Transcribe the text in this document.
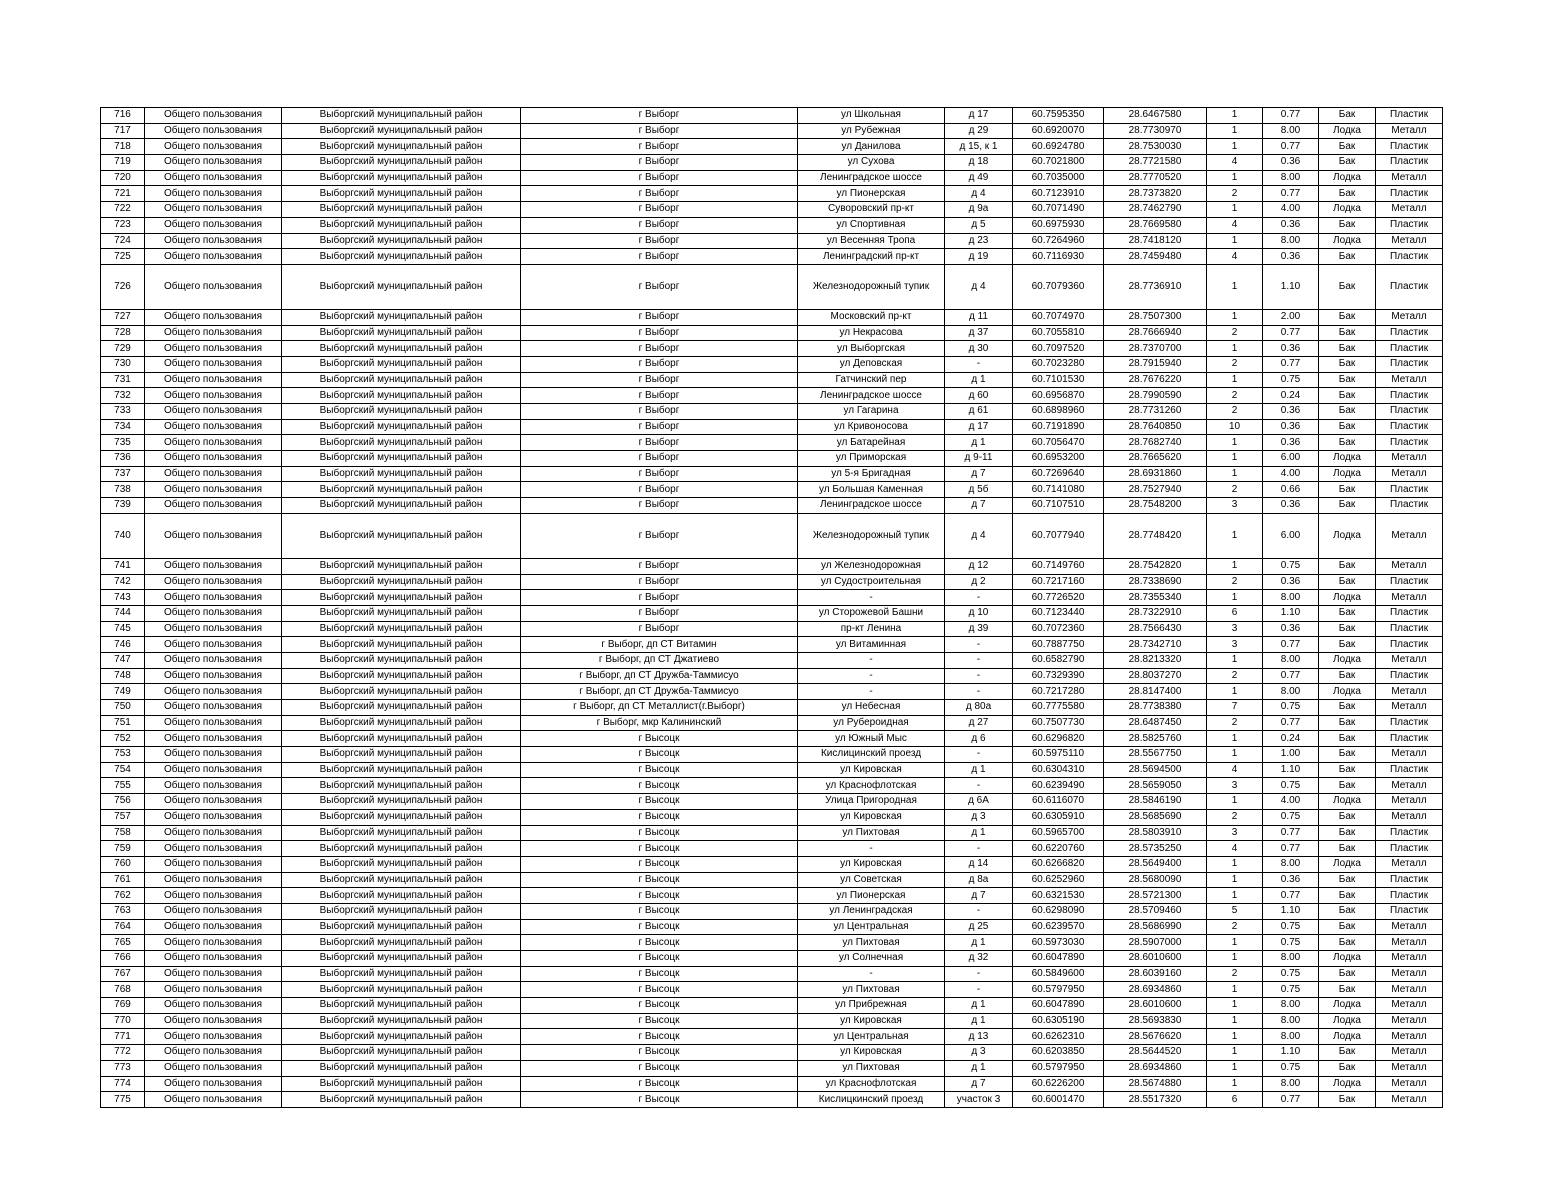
716	Общего пользования	Выборгский муниципальный район	г Выборг	ул Школьная	д 17	60.7595350	28.6467580	1	0.77	Бак	Пластик
717	Общего пользования	Выборгский муниципальный район	г Выборг	ул Рубежная	д 29	60.6920070	28.7730970	1	8.00	Лодка	Металл
718	Общего пользования	Выборгский муниципальный район	г Выборг	ул Данилова	д 15, к 1	60.6924780	28.7530030	1	0.77	Бак	Пластик
719	Общего пользования	Выборгский муниципальный район	г Выборг	ул Сухова	д 18	60.7021800	28.7721580	4	0.36	Бак	Пластик
720	Общего пользования	Выборгский муниципальный район	г Выборг	Ленинградское шоссе	д 49	60.7035000	28.7770520	1	8.00	Лодка	Металл
721	Общего пользования	Выборгский муниципальный район	г Выборг	ул Пионерская	д 4	60.7123910	28.7373820	2	0.77	Бак	Пластик
722	Общего пользования	Выборгский муниципальный район	г Выборг	Суворовский пр-кт	д 9а	60.7071490	28.7462790	1	4.00	Лодка	Металл
723	Общего пользования	Выборгский муниципальный район	г Выборг	ул Спортивная	д 5	60.6975930	28.7669580	4	0.36	Бак	Пластик
724	Общего пользования	Выборгский муниципальный район	г Выборг	ул Весенняя Тропа	д 23	60.7264960	28.7418120	1	8.00	Лодка	Металл
725	Общего пользования	Выборгский муниципальный район	г Выборг	Ленинградский пр-кт	д 19	60.7116930	28.7459480	4	0.36	Бак	Пластик
726	Общего пользования	Выборгский муниципальный район	г Выборг	Железнодорожный тупик	д 4	60.7079360	28.7736910	1	1.10	Бак	Пластик
727	Общего пользования	Выборгский муниципальный район	г Выборг	Московский пр-кт	д 11	60.7074970	28.7507300	1	2.00	Бак	Металл
728	Общего пользования	Выборгский муниципальный район	г Выборг	ул Некрасова	д 37	60.7055810	28.7666940	2	0.77	Бак	Пластик
729	Общего пользования	Выборгский муниципальный район	г Выборг	ул Выборгская	д 30	60.7097520	28.7370700	1	0.36	Бак	Пластик
730	Общего пользования	Выборгский муниципальный район	г Выборг	ул Деповская	-	60.7023280	28.7915940	2	0.77	Бак	Пластик
731	Общего пользования	Выборгский муниципальный район	г Выборг	Гатчинский пер	д 1	60.7101530	28.7676220	1	0.75	Бак	Металл
732	Общего пользования	Выборгский муниципальный район	г Выборг	Ленинградское шоссе	д 60	60.6956870	28.7990590	2	0.24	Бак	Пластик
733	Общего пользования	Выборгский муниципальный район	г Выборг	ул Гагарина	д 61	60.6898960	28.7731260	2	0.36	Бак	Пластик
734	Общего пользования	Выборгский муниципальный район	г Выборг	ул Кривоносова	д 17	60.7191890	28.7640850	10	0.36	Бак	Пластик
735	Общего пользования	Выборгский муниципальный район	г Выборг	ул Батарейная	д 1	60.7056470	28.7682740	1	0.36	Бак	Пластик
736	Общего пользования	Выборгский муниципальный район	г Выборг	ул Приморская	д 9-11	60.6953200	28.7665620	1	6.00	Лодка	Металл
737	Общего пользования	Выборгский муниципальный район	г Выборг	ул 5-я Бригадная	д 7	60.7269640	28.6931860	1	4.00	Лодка	Металл
738	Общего пользования	Выборгский муниципальный район	г Выборг	ул Большая Каменная	д 5б	60.7141080	28.7527940	2	0.66	Бак	Пластик
739	Общего пользования	Выборгский муниципальный район	г Выборг	Ленинградское шоссе	д 7	60.7107510	28.7548200	3	0.36	Бак	Пластик
740	Общего пользования	Выборгский муниципальный район	г Выборг	Железнодорожный тупик	д 4	60.7077940	28.7748420	1	6.00	Лодка	Металл
741	Общего пользования	Выборгский муниципальный район	г Выборг	ул Железнодорожная	д 12	60.7149760	28.7542820	1	0.75	Бак	Металл
742	Общего пользования	Выборгский муниципальный район	г Выборг	ул Судостроительная	д 2	60.7217160	28.7338690	2	0.36	Бак	Пластик
743	Общего пользования	Выборгский муниципальный район	г Выборг	-	-	60.7726520	28.7355340	1	8.00	Лодка	Металл
744	Общего пользования	Выборгский муниципальный район	г Выборг	ул Сторожевой Башни	д 10	60.7123440	28.7322910	6	1.10	Бак	Пластик
745	Общего пользования	Выборгский муниципальный район	г Выборг	пр-кт Ленина	д 39	60.7072360	28.7566430	3	0.36	Бак	Пластик
746	Общего пользования	Выборгский муниципальный район	г Выборг, дп СТ Витамин	ул Витаминная	-	60.7887750	28.7342710	3	0.77	Бак	Пластик
747	Общего пользования	Выборгский муниципальный район	г Выборг, дп СТ Джатиево	-	-	60.6582790	28.8213320	1	8.00	Лодка	Металл
748	Общего пользования	Выборгский муниципальный район	г Выборг, дп СТ Дружба-Таммисуо	-	-	60.7329390	28.8037270	2	0.77	Бак	Пластик
749	Общего пользования	Выборгский муниципальный район	г Выборг, дп СТ Дружба-Таммисуо	-	-	60.7217280	28.8147400	1	8.00	Лодка	Металл
750	Общего пользования	Выборгский муниципальный район	г Выборг, дп СТ Металлист(г.Выборг)	ул Небесная	д 80а	60.7775580	28.7738380	7	0.75	Бак	Металл
751	Общего пользования	Выборгский муниципальный район	г Выборг, мкр Калининский	ул Рубероидная	д 27	60.7507730	28.6487450	2	0.77	Бак	Пластик
752	Общего пользования	Выборгский муниципальный район	г Высоцк	ул Южный Мыс	д 6	60.6296820	28.5825760	1	0.24	Бак	Пластик
753	Общего пользования	Выборгский муниципальный район	г Высоцк	Кислицинский проезд	-	60.5975110	28.5567750	1	1.00	Бак	Металл
754	Общего пользования	Выборгский муниципальный район	г Высоцк	ул Кировская	д 1	60.6304310	28.5694500	4	1.10	Бак	Пластик
755	Общего пользования	Выборгский муниципальный район	г Высоцк	ул Краснофлотская	-	60.6239490	28.5659050	3	0.75	Бак	Металл
756	Общего пользования	Выборгский муниципальный район	г Высоцк	Улица Пригородная	д 6А	60.6116070	28.5846190	1	4.00	Лодка	Металл
757	Общего пользования	Выборгский муниципальный район	г Высоцк	ул Кировская	д 3	60.6305910	28.5685690	2	0.75	Бак	Металл
758	Общего пользования	Выборгский муниципальный район	г Высоцк	ул Пихтовая	д 1	60.5965700	28.5803910	3	0.77	Бак	Пластик
759	Общего пользования	Выборгский муниципальный район	г Высоцк	-	-	60.6220760	28.5735250	4	0.77	Бак	Пластик
760	Общего пользования	Выборгский муниципальный район	г Высоцк	ул Кировская	д 14	60.6266820	28.5649400	1	8.00	Лодка	Металл
761	Общего пользования	Выборгский муниципальный район	г Высоцк	ул Советская	д 8а	60.6252960	28.5680090	1	0.36	Бак	Пластик
762	Общего пользования	Выборгский муниципальный район	г Высоцк	ул Пионерская	д 7	60.6321530	28.5721300	1	0.77	Бак	Пластик
763	Общего пользования	Выборгский муниципальный район	г Высоцк	ул Ленинградская	-	60.6298090	28.5709460	5	1.10	Бак	Пластик
764	Общего пользования	Выборгский муниципальный район	г Высоцк	ул Центральная	д 25	60.6239570	28.5686990	2	0.75	Бак	Металл
765	Общего пользования	Выборгский муниципальный район	г Высоцк	ул Пихтовая	д 1	60.5973030	28.5907000	1	0.75	Бак	Металл
766	Общего пользования	Выборгский муниципальный район	г Высоцк	ул Солнечная	д 32	60.6047890	28.6010600	1	8.00	Лодка	Металл
767	Общего пользования	Выборгский муниципальный район	г Высоцк	-	-	60.5849600	28.6039160	2	0.75	Бак	Металл
768	Общего пользования	Выборгский муниципальный район	г Высоцк	ул Пихтовая	-	60.5797950	28.6934860	1	0.75	Бак	Металл
769	Общего пользования	Выборгский муниципальный район	г Высоцк	ул Прибрежная	д 1	60.6047890	28.6010600	1	8.00	Лодка	Металл
770	Общего пользования	Выборгский муниципальный район	г Высоцк	ул Кировская	д 1	60.6305190	28.5693830	1	8.00	Лодка	Металл
771	Общего пользования	Выборгский муниципальный район	г Высоцк	ул Центральная	д 13	60.6262310	28.5676620	1	8.00	Лодка	Металл
772	Общего пользования	Выборгский муниципальный район	г Высоцк	ул Кировская	д 3	60.6203850	28.5644520	1	1.10	Бак	Металл
773	Общего пользования	Выборгский муниципальный район	г Высоцк	ул Пихтовая	д 1	60.5797950	28.6934860	1	0.75	Бак	Металл
774	Общего пользования	Выборгский муниципальный район	г Высоцк	ул Краснофлотская	д 7	60.6226200	28.5674880	1	8.00	Лодка	Металл
775	Общего пользования	Выборгский муниципальный район	г Высоцк	Кислицкинский проезд	участок 3	60.6001470	28.5517320	6	0.77	Бак	Металл
